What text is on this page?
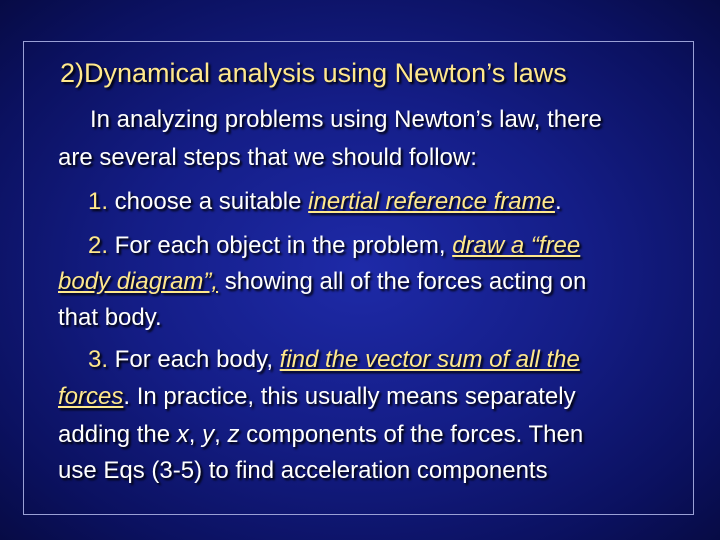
2)Dynamical analysis using Newton’s laws
In analyzing problems using Newton’s law, there
are several steps that we should follow:
1. choose a suitable inertial reference frame.
2. For each object in the problem, draw a “free
body diagram”, showing all of the forces acting on
that body.
3. For each body, find the vector sum of all the
forces. In practice, this usually means separately
adding the x, y, z components of the forces. Then
use Eqs (3-5) to find acceleration components
